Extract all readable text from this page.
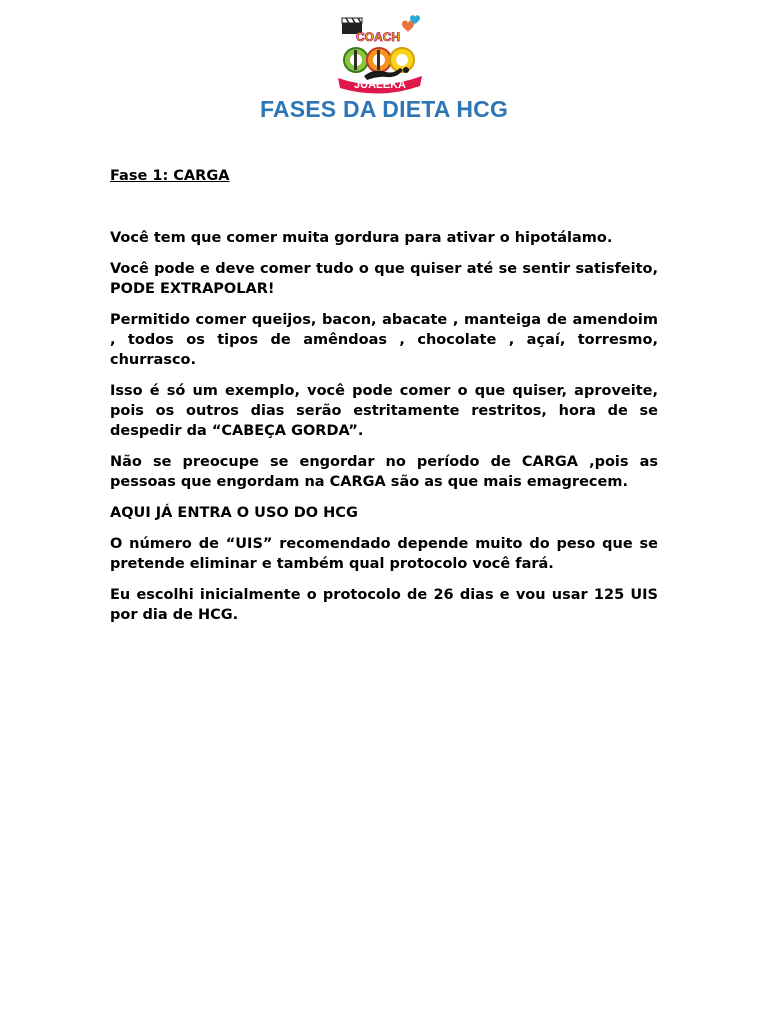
COACH
JUALEKA
FASES DA DIETA HCG

Fase 1: CARGA

Você tem que comer muita gordura para ativar o hipotálamo.

Você pode e deve comer tudo o que quiser até se sentir satisfeito, PODE EXTRAPOLAR!

Permitido comer queijos, bacon, abacate , manteiga de amendoim , todos os tipos de amêndoas , chocolate , açaí, torresmo, churrasco.

Isso é só um exemplo, você pode comer o que quiser, aproveite, pois os outros dias serão estritamente restritos, hora de se despedir da “CABEÇA GORDA”.

Não se preocupe se engordar no período de CARGA ,pois as pessoas que engordam na CARGA são as que mais emagrecem.

AQUI JÁ ENTRA O USO DO HCG

O número de “UIS” recomendado depende muito do peso que se pretende eliminar e também qual protocolo você fará.

Eu escolhi inicialmente o protocolo de 26 dias e vou usar 125 UIS por dia de HCG.
